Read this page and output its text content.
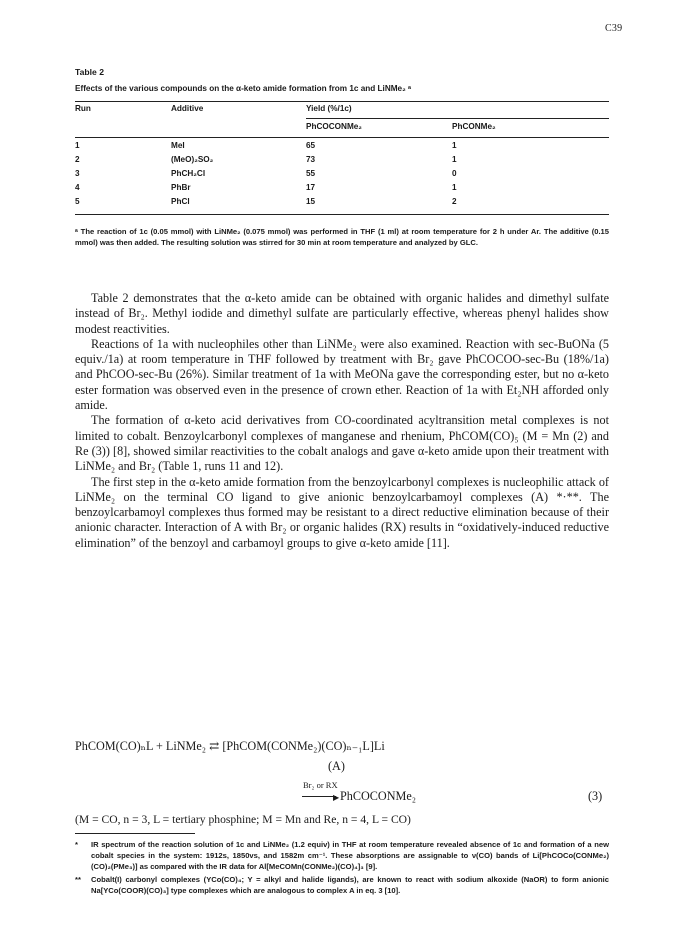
C39
Table 2
Effects of the various compounds on the α-keto amide formation from 1c and LiNMe₂ ᵃ
Run	Additive	Yield (%/1c)
PhCOCONMe₂	PhCONMe₂
1	MeI	65	1
2	(MeO)₂SO₂	73	1
3	PhCH₂Cl	55	0
4	PhBr	17	1
5	PhCl	15	2
ᵃ The reaction of 1c (0.05 mmol) with LiNMe₂ (0.075 mmol) was performed in THF (1 ml) at room temperature for 2 h under Ar. The additive (0.15 mmol) was then added. The resulting solution was stirred for 30 min at room temperature and analyzed by GLC.

Table 2 demonstrates that the α-keto amide can be obtained with organic halides and dimethyl sulfate instead of Br₂. Methyl iodide and dimethyl sulfate are particularly effective, whereas phenyl halides show modest reactivities.

Reactions of 1a with nucleophiles other than LiNMe₂ were also examined. Reaction with sec-BuONa (5 equiv./1a) at room temperature in THF followed by treatment with Br₂ gave PhCOCOO-sec-Bu (18%/1a) and PhCOO-sec-Bu (26%). Similar treatment of 1a with MeONa gave the corresponding ester, but no α-keto ester formation was observed even in the presence of crown ether. Reaction of 1a with Et₂NH afforded only amide.

The formation of α-keto acid derivatives from CO-coordinated acyltransition metal complexes is not limited to cobalt. Benzoylcarbonyl complexes of manganese and rhenium, PhCOM(CO)₅ (M = Mn (2) and Re (3)) [8], showed similar reactivities to the cobalt analogs and gave α-keto amide upon their treatment with LiNMe₂ and Br₂ (Table 1, runs 11 and 12).

The first step in the α-keto amide formation from the benzoylcarbonyl complexes is nucleophilic attack of LiNMe₂ on the terminal CO ligand to give anionic benzoylcarbamoyl complexes (A) *·**. The benzoylcarbamoyl complexes thus formed may be resistant to a direct reductive elimination because of their anionic character. Interaction of A with Br₂ or organic halides (RX) results in “oxidatively-induced reductive elimination” of the benzoyl and carbamoyl groups to give α-keto amide [11].

PhCOM(CO)ₙL + LiNMe₂ ⇄ [PhCOM(CONMe₂)(CO)ₙ₋₁L]Li
(A)
Br₂ or RX
▶ PhCOCONMe₂	(3)
(M = CO, n = 3, L = tertiary phosphine; M = Mn and Re, n = 4, L = CO)
*	IR spectrum of the reaction solution of 1c and LiNMe₂ (1.2 equiv) in THF at room temperature revealed absence of 1c and formation of a new cobalt species in the system: 1912s, 1850vs, and 1582m cm⁻¹. These absorptions are assignable to ν(CO) bands of Li[PhCOCo(CONMe₂)(CO)₂(PMe₃)] as compared with the IR data for Al[MeCOMn(CONMe₂)(CO)₄]₃ [9].
**	Cobalt(I) carbonyl complexes (YCo(CO)₄; Y = alkyl and halide ligands), are known to react with sodium alkoxide (NaOR) to form anionic Na[YCo(COOR)(CO)₃] type complexes which are analogous to complex A in eq. 3 [10].
